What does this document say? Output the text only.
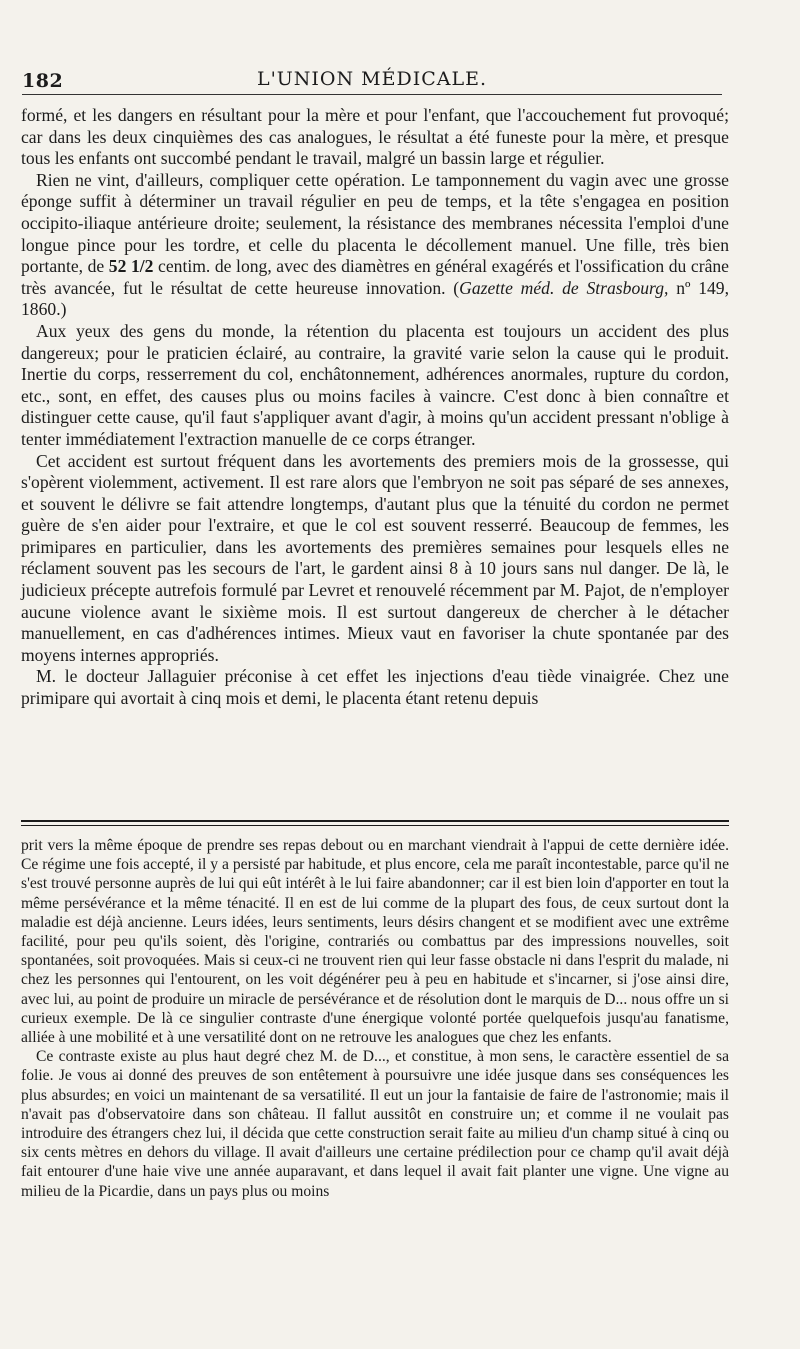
182	L'UNION MÉDICALE.

formé, et les dangers en résultant pour la mère et pour l'enfant, que l'accouchement fut provoqué; car dans les deux cinquièmes des cas analogues, le résultat a été funeste pour la mère, et presque tous les enfants ont succombé pendant le travail, malgré un bassin large et régulier.

Rien ne vint, d'ailleurs, compliquer cette opération. Le tamponnement du vagin avec une grosse éponge suffit à déterminer un travail régulier en peu de temps, et la tête s'engagea en position occipito-iliaque antérieure droite; seulement, la résistance des membranes nécessita l'emploi d'une longue pince pour les tordre, et celle du placenta le décollement manuel. Une fille, très bien portante, de 52 1/2 centim. de long, avec des diamètres en général exagérés et l'ossification du crâne très avancée, fut le résultat de cette heureuse innovation. (Gazette méd. de Strasbourg, nº 149, 1860.)

Aux yeux des gens du monde, la rétention du placenta est toujours un accident des plus dangereux; pour le praticien éclairé, au contraire, la gravité varie selon la cause qui le produit. Inertie du corps, resserrement du col, enchâtonnement, adhérences anormales, rupture du cordon, etc., sont, en effet, des causes plus ou moins faciles à vaincre. C'est donc à bien connaître et distinguer cette cause, qu'il faut s'appliquer avant d'agir, à moins qu'un accident pressant n'oblige à tenter immédiatement l'extraction manuelle de ce corps étranger.

Cet accident est surtout fréquent dans les avortements des premiers mois de la grossesse, qui s'opèrent violemment, activement. Il est rare alors que l'embryon ne soit pas séparé de ses annexes, et souvent le délivre se fait attendre longtemps, d'autant plus que la ténuité du cordon ne permet guère de s'en aider pour l'extraire, et que le col est souvent resserré. Beaucoup de femmes, les primipares en particulier, dans les avortements des premières semaines pour lesquels elles ne réclament souvent pas les secours de l'art, le gardent ainsi 8 à 10 jours sans nul danger. De là, le judicieux précepte autrefois formulé par Levret et renouvelé récemment par M. Pajot, de n'employer aucune violence avant le sixième mois. Il est surtout dangereux de chercher à le détacher manuellement, en cas d'adhérences intimes. Mieux vaut en favoriser la chute spontanée par des moyens internes appropriés.

M. le docteur Jallaguier préconise à cet effet les injections d'eau tiède vinaigrée. Chez une primipare qui avortait à cinq mois et demi, le placenta étant retenu depuis

prit vers la même époque de prendre ses repas debout ou en marchant viendrait à l'appui de cette dernière idée. Ce régime une fois accepté, il y a persisté par habitude, et plus encore, cela me paraît incontestable, parce qu'il ne s'est trouvé personne auprès de lui qui eût intérêt à le lui faire abandonner; car il est bien loin d'apporter en tout la même persévérance et la même ténacité. Il en est de lui comme de la plupart des fous, de ceux surtout dont la maladie est déjà ancienne. Leurs idées, leurs sentiments, leurs désirs changent et se modifient avec une extrême facilité, pour peu qu'ils soient, dès l'origine, contrariés ou combattus par des impressions nouvelles, soit spontanées, soit provoquées. Mais si ceux-ci ne trouvent rien qui leur fasse obstacle ni dans l'esprit du malade, ni chez les personnes qui l'entourent, on les voit dégénérer peu à peu en habitude et s'incarner, si j'ose ainsi dire, avec lui, au point de produire un miracle de persévérance et de résolution dont le marquis de D... nous offre un si curieux exemple. De là ce singulier contraste d'une énergique volonté portée quelquefois jusqu'au fanatisme, alliée à une mobilité et à une versatilité dont on ne retrouve les analogues que chez les enfants.

Ce contraste existe au plus haut degré chez M. de D..., et constitue, à mon sens, le caractère essentiel de sa folie. Je vous ai donné des preuves de son entêtement à poursuivre une idée jusque dans ses conséquences les plus absurdes; en voici un maintenant de sa versatilité. Il eut un jour la fantaisie de faire de l'astronomie; mais il n'avait pas d'observatoire dans son château. Il fallut aussitôt en construire un; et comme il ne voulait pas introduire des étrangers chez lui, il décida que cette construction serait faite au milieu d'un champ situé à cinq ou six cents mètres en dehors du village. Il avait d'ailleurs une certaine prédilection pour ce champ qu'il avait déjà fait entourer d'une haie vive une année auparavant, et dans lequel il avait fait planter une vigne. Une vigne au milieu de la Picardie, dans un pays plus ou moins
